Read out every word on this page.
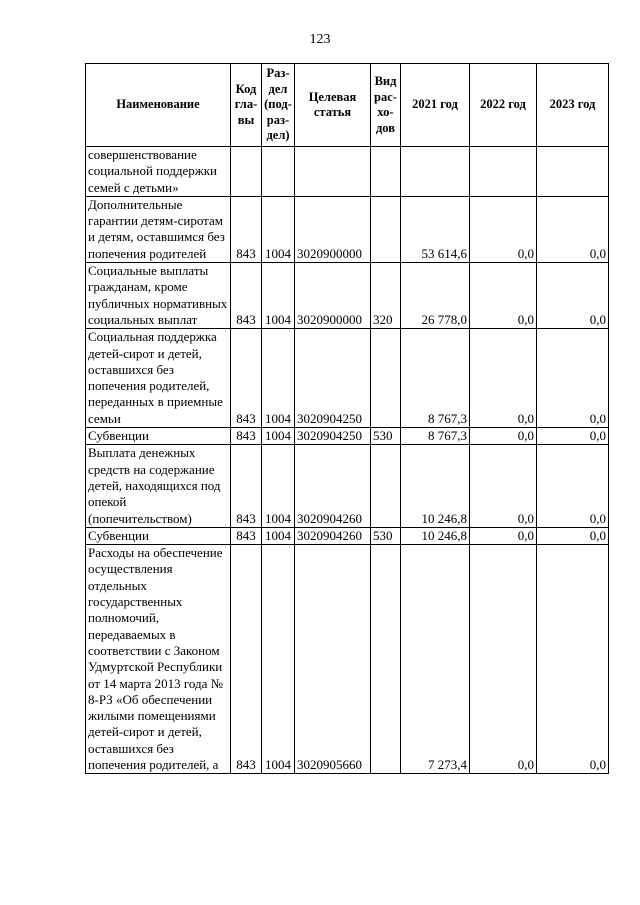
123
Наименование	Код гла- вы	Раз- дел (под- раз- дел)	Целевая статья	Вид рас- хо- дов	2021 год	2022 год	2023 год
совершенствование социальной поддержки семей с детьми»							
Дополнительные гарантии детям-сиротам и детям, оставшимся без попечения родителей	843	1004	3020900000		53 614,6	0,0	0,0
Социальные выплаты гражданам, кроме публичных нормативных социальных выплат	843	1004	3020900000	320	26 778,0	0,0	0,0
Социальная поддержка детей-сирот и детей, оставшихся без попечения родителей, переданных в приемные семьи	843	1004	3020904250		8 767,3	0,0	0,0
Субвенции	843	1004	3020904250	530	8 767,3	0,0	0,0
Выплата денежных средств на содержание детей, находящихся под опекой (попечительством)	843	1004	3020904260		10 246,8	0,0	0,0
Субвенции	843	1004	3020904260	530	10 246,8	0,0	0,0
Расходы на обеспечение осуществления отдельных государственных полномочий, передаваемых в соответствии с Законом Удмуртской Республики от 14 марта 2013 года № 8-РЗ «Об обеспечении жилыми помещениями детей-сирот и детей, оставшихся без попечения родителей, а	843	1004	3020905660		7 273,4	0,0	0,0
